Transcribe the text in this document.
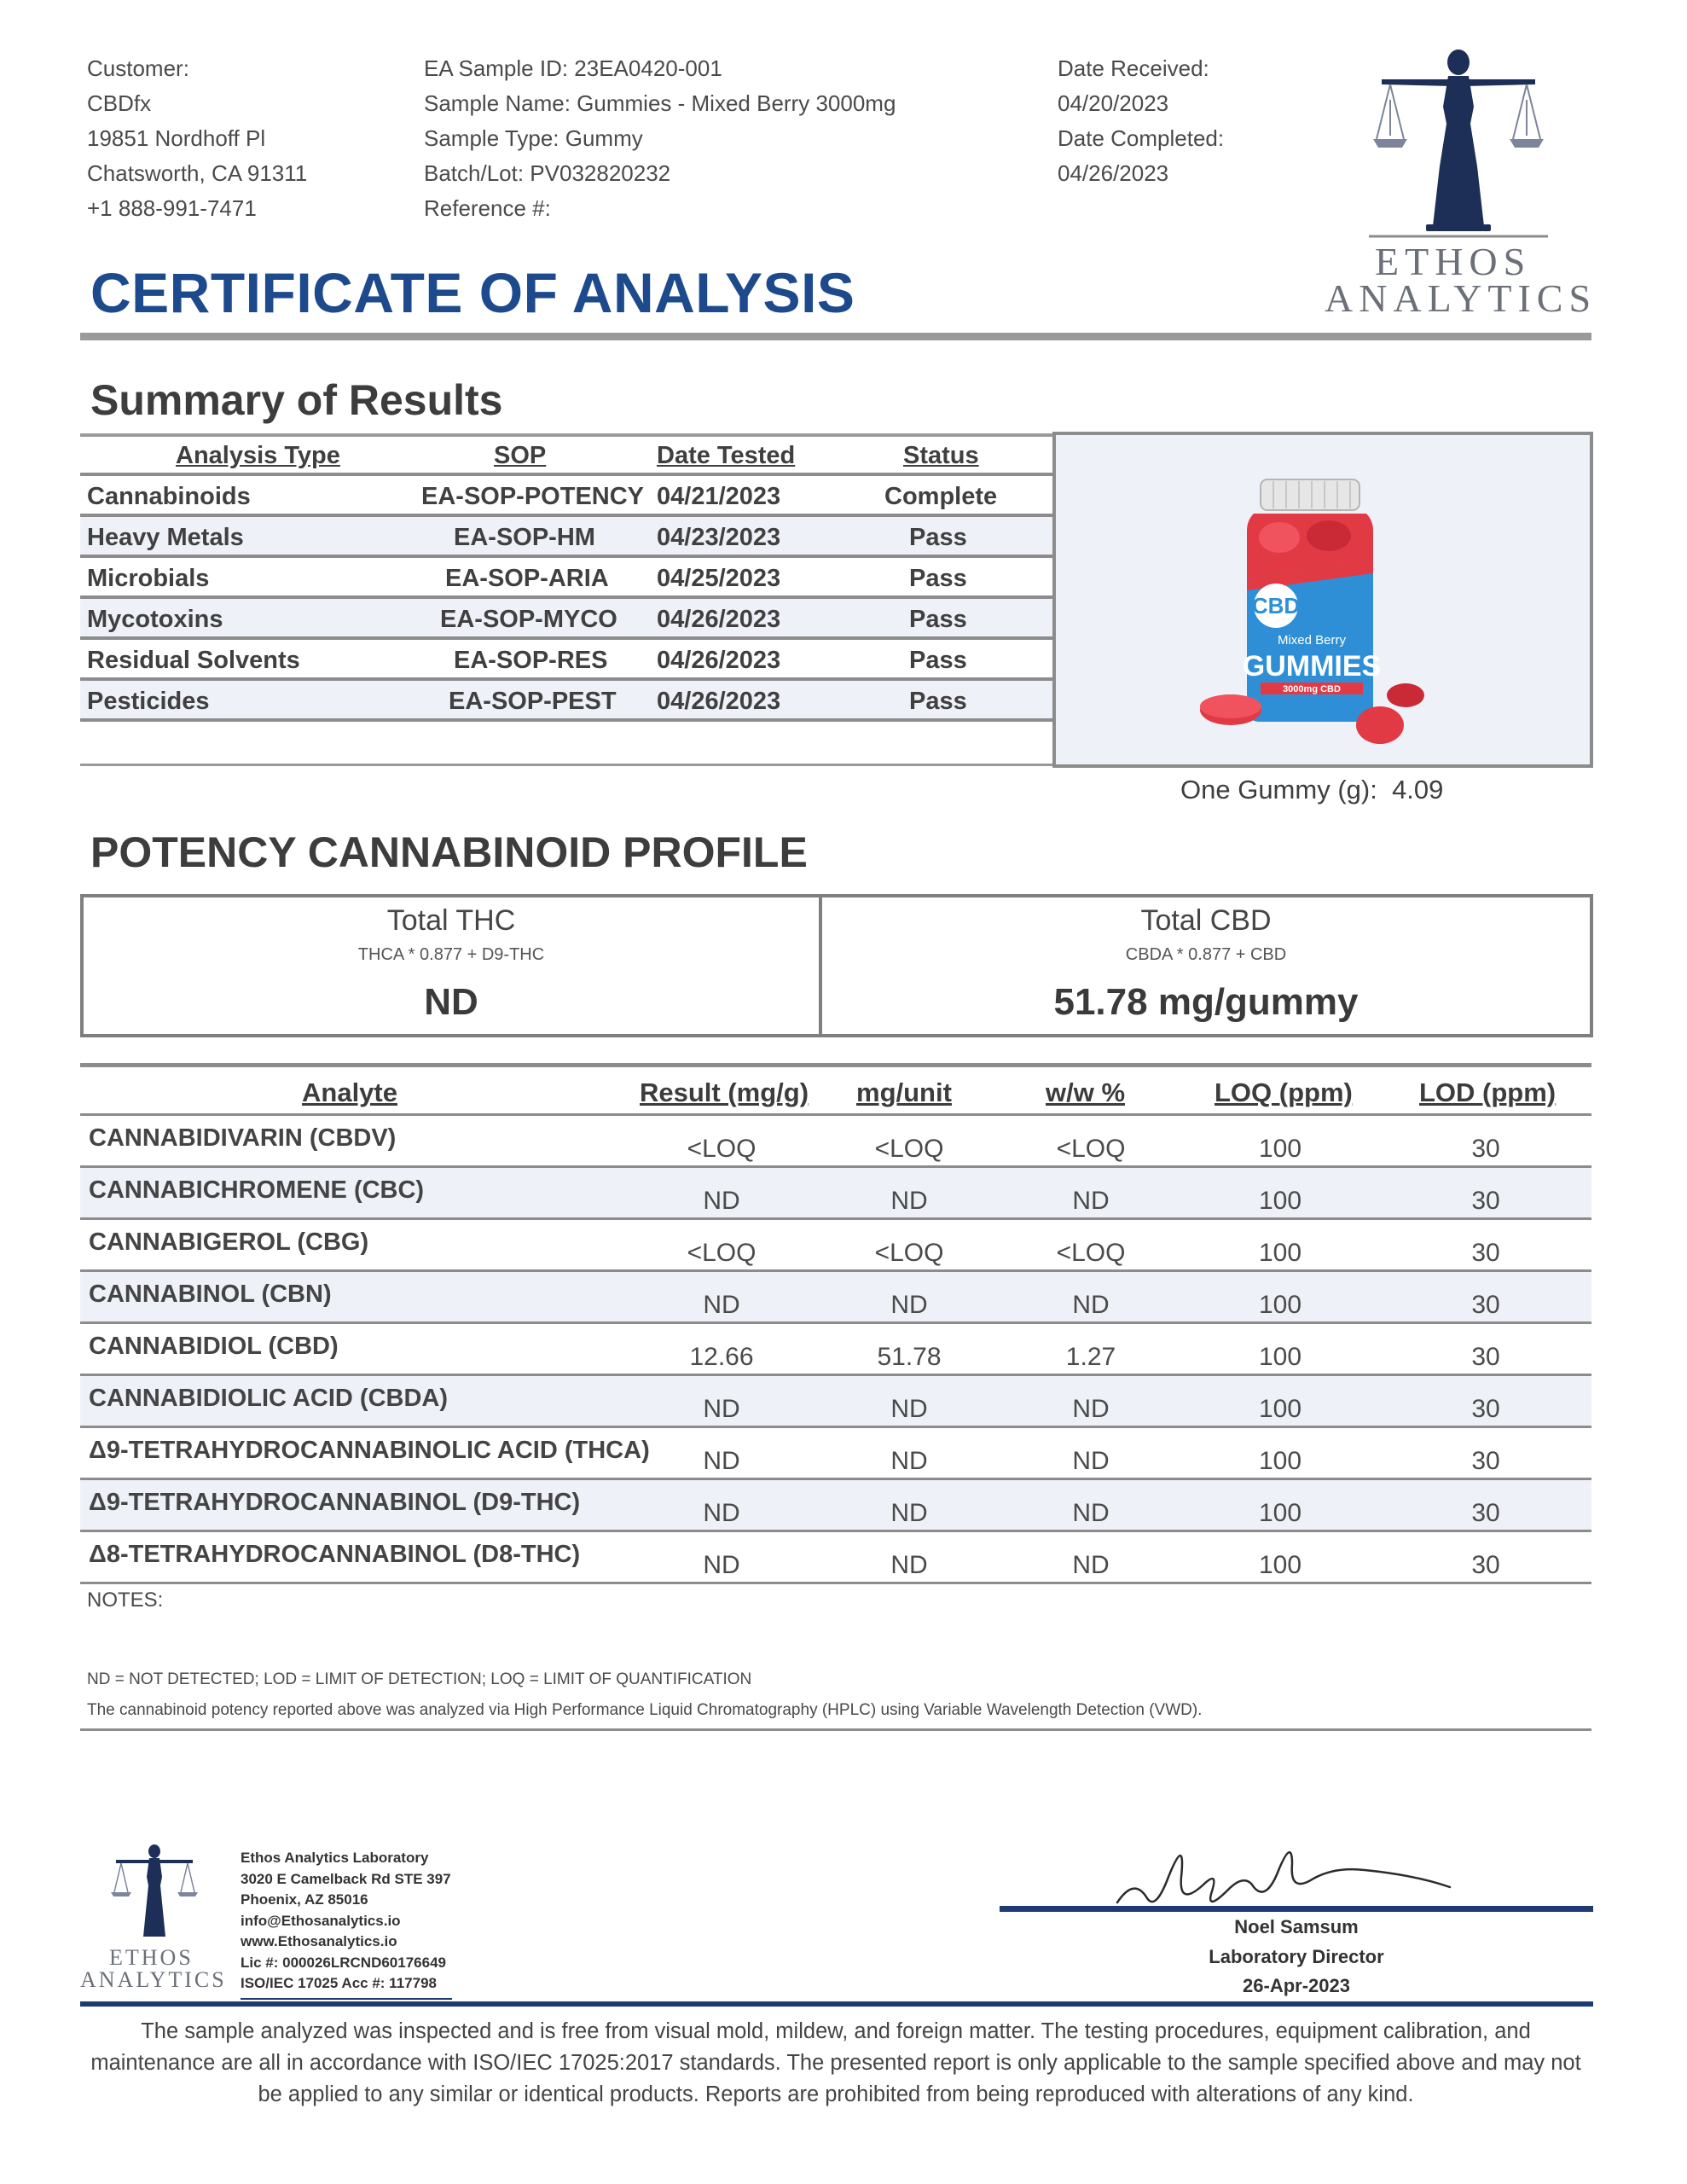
Customer:
CBDfx
19851 Nordhoff Pl
Chatsworth, CA 91311
+1 888-991-7471
EA Sample ID: 23EA0420-001
Sample Name: Gummies - Mixed Berry 3000mg
Sample Type: Gummy
Batch/Lot: PV032820232
Reference #:
Date Received:
04/20/2023
Date Completed:
04/26/2023
ETHOS
ANALYTICS
CERTIFICATE OF ANALYSIS
Summary of Results
Analysis Type	SOP	Date Tested	Status
Cannabinoids	EA-SOP-POTENCY 04/21/2023	Complete
Heavy Metals	EA-SOP-HM 04/23/2023	Pass
Microbials	EA-SOP-ARIA 04/25/2023	Pass
Mycotoxins	EA-SOP-MYCO 04/26/2023	Pass
Residual Solvents	EA-SOP-RES 04/26/2023	Pass
Pesticides	EA-SOP-PEST 04/26/2023	Pass
CBD
Mixed Berry
GUMMIES
3000mg CBD
One Gummy (g): 4.09
POTENCY CANNABINOID PROFILE
Total THC
THCA * 0.877 + D9-THC
ND
Total CBD
CBDA * 0.877 + CBD
51.78 mg/gummy
Analyte	Result (mg/g) mg/unit	w/w %	LOQ (ppm)	LOD (ppm)
CANNABIDIVARIN (CBDV)	<LOQ	<LOQ	<LOQ	100	30
CANNABICHROMENE (CBC)	ND	ND	ND	100	30
CANNABIGEROL (CBG)	<LOQ	<LOQ	<LOQ	100	30
CANNABINOL (CBN)	ND	ND	ND	100	30
CANNABIDIOL (CBD)	12.66	51.78	1.27	100	30
CANNABIDIOLIC ACID (CBDA)	ND	ND	ND	100	30
Δ9-TETRAHYDROCANNABINOLIC ACID (THCA)	ND	ND	ND	100	30
Δ9-TETRAHYDROCANNABINOL (D9-THC)	ND	ND	ND	100	30
Δ8-TETRAHYDROCANNABINOL (D8-THC)	ND	ND	ND	100	30
NOTES:
ND = NOT DETECTED; LOD = LIMIT OF DETECTION; LOQ = LIMIT OF QUANTIFICATION
The cannabinoid potency reported above was analyzed via High Performance Liquid Chromatography (HPLC) using Variable Wavelength Detection (VWD).
ETHOS
ANALYTICS
Ethos Analytics Laboratory
3020 E Camelback Rd STE 397
Phoenix, AZ 85016
info@Ethosanalytics.io
www.Ethosanalytics.io
Lic #: 000026LRCND60176649
ISO/IEC 17025 Acc #: 117798
Noel Samsum
Laboratory Director
26-Apr-2023
The sample analyzed was inspected and is free from visual mold, mildew, and foreign matter. The testing procedures, equipment calibration, and maintenance are all in accordance with ISO/IEC 17025:2017 standards. The presented report is only applicable to the sample specified above and may not be applied to any similar or identical products. Reports are prohibited from being reproduced with alterations of any kind.
